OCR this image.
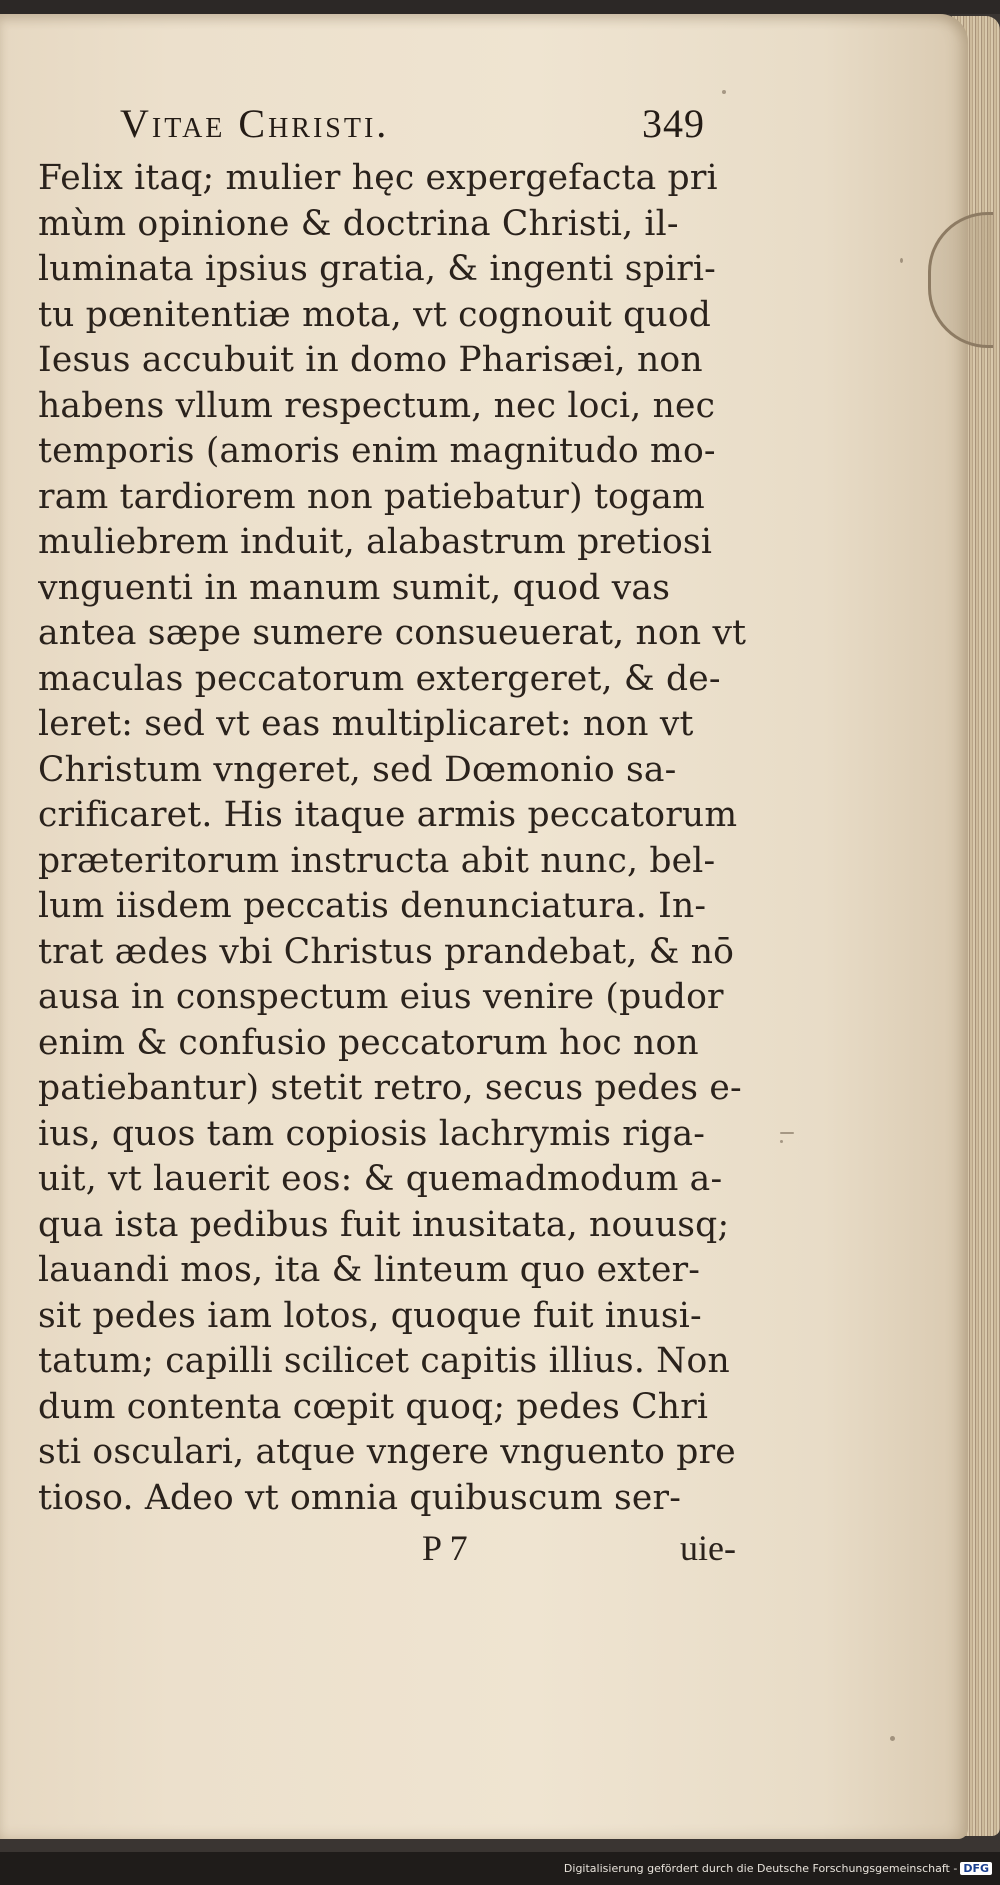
Vitae Christi.	349
Felix itaq; mulier hęc expergefacta pri
mùm opinione & doctrina Christi, il-
luminata ipsius gratia, & ingenti spiri-
tu pœnitentiæ mota, vt cognouit quod
Iesus accubuit in domo Pharisæi, non
habens vllum respectum, nec loci, nec
temporis (amoris enim magnitudo mo-
ram tardiorem non patiebatur) togam
muliebrem induit, alabastrum pretiosi
vnguenti in manum sumit, quod vas
antea sæpe sumere consueuerat, non vt
maculas peccatorum extergeret, & de-
leret: sed vt eas multiplicaret: non vt
Christum vngeret, sed Dœmonio sa-
crificaret. His itaque armis peccatorum
præteritorum instructa abit nunc, bel-
lum iisdem peccatis denunciatura. In-
trat ædes vbi Christus prandebat, & nō
ausa in conspectum eius venire (pudor
enim & confusio peccatorum hoc non
patiebantur) stetit retro, secus pedes e-
ius, quos tam copiosis lachrymis riga-
uit, vt lauerit eos: & quemadmodum a-
qua ista pedibus fuit inusitata, nouusq;
lauandi mos, ita & linteum quo exter-
sit pedes iam lotos, quoque fuit inusi-
tatum; capilli scilicet capitis illius. Non
dum contenta cœpit quoq; pedes Chri
sti osculari, atque vngere vnguento pre
tioso. Adeo vt omnia quibuscum ser-
P 7	uie-
Digitalisierung gefördert durch die Deutsche Forschungsgemeinschaft - DFG
